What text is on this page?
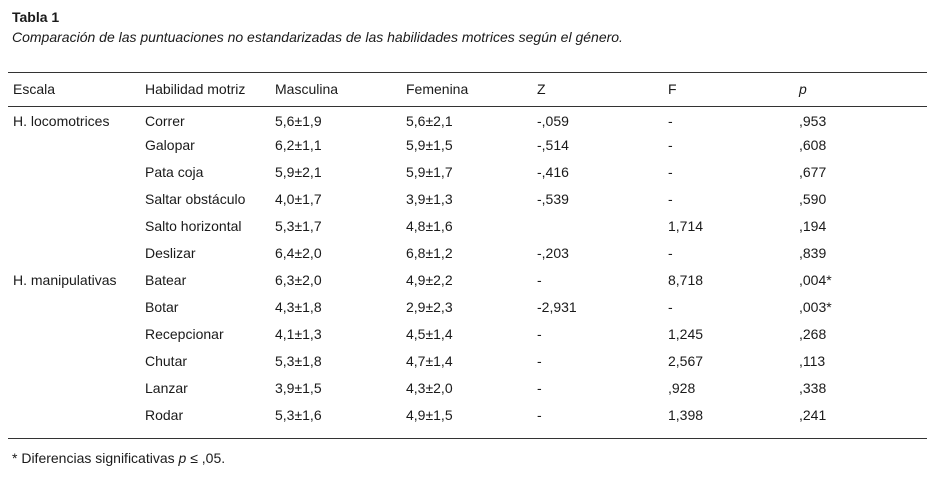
Tabla 1
Comparación de las puntuaciones no estandarizadas de las habilidades motrices según el género.
Escala	Habilidad motriz	Masculina	Femenina	Z	F	p
H. locomotrices	Correr	5,6±1,9	5,6±2,1	-,059	-	,953
	Galopar	6,2±1,1	5,9±1,5	-,514	-	,608
	Pata coja	5,9±2,1	5,9±1,7	-,416	-	,677
	Saltar obstáculo	4,0±1,7	3,9±1,3	-,539	-	,590
	Salto horizontal	5,3±1,7	4,8±1,6		1,714	,194
	Deslizar	6,4±2,0	6,8±1,2	-,203	-	,839
H. manipulativas	Batear	6,3±2,0	4,9±2,2	-	8,718	,004*
	Botar	4,3±1,8	2,9±2,3	-2,931	-	,003*
	Recepcionar	4,1±1,3	4,5±1,4	-	1,245	,268
	Chutar	5,3±1,8	4,7±1,4	-	2,567	,113
	Lanzar	3,9±1,5	4,3±2,0	-	,928	,338
	Rodar	5,3±1,6	4,9±1,5	-	1,398	,241
* Diferencias significativas p ≤ ,05.
